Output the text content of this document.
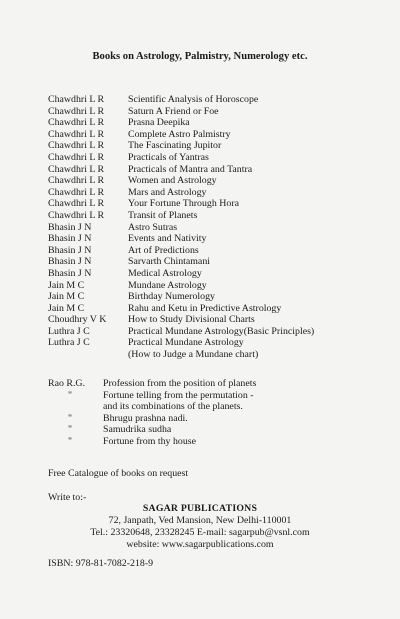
Books on Astrology, Palmistry, Numerology etc.
Chawdhri L R	Scientific Analysis of Horoscope
Chawdhri L R	Saturn A Friend or Foe
Chawdhri L R	Prasna Deepika
Chawdhri L R	Complete Astro Palmistry
Chawdhri L R	The Fascinating Jupitor
Chawdhri L R	Practicals of Yantras
Chawdhri L R	Practicals of Mantra and Tantra
Chawdhri L R	Women and Astrology
Chawdhri L R	Mars and Astrology
Chawdhri L R	Your Fortune Through Hora
Chawdhri L R	Transit of Planets
Bhasin J N	Astro Sutras
Bhasin J N	Events and Nativity
Bhasin J N	Art of Predictions
Bhasin J N	Sarvarth Chintamani
Bhasin J N	Medical Astrology
Jain M C	Mundane Astrology
Jain M C	Birthday Numerology
Jain M C	Rahu and Ketu in Predictive Astrology
Choudhry V K	How to Study Divisional Charts
Luthra J C	Practical Mundane Astrology(Basic Principles)
Luthra J C	Practical Mundane Astrology
(How to Judge a Mundane chart)
Rao R.G.	Profession from the position of planets
"	Fortune telling from the permutation -
and its combinations of the planets.
"	Bhrugu prashna nadi.
"	Samudrika sudha
"	Fortune from thy house
Free Catalogue of books on request
Write to:-
SAGAR PUBLICATIONS
72, Janpath, Ved Mansion, New Delhi-110001
Tel.: 23320648, 23328245 E-mail: sagarpub@vsnl.com
website: www.sagarpublications.com
ISBN: 978-81-7082-218-9
